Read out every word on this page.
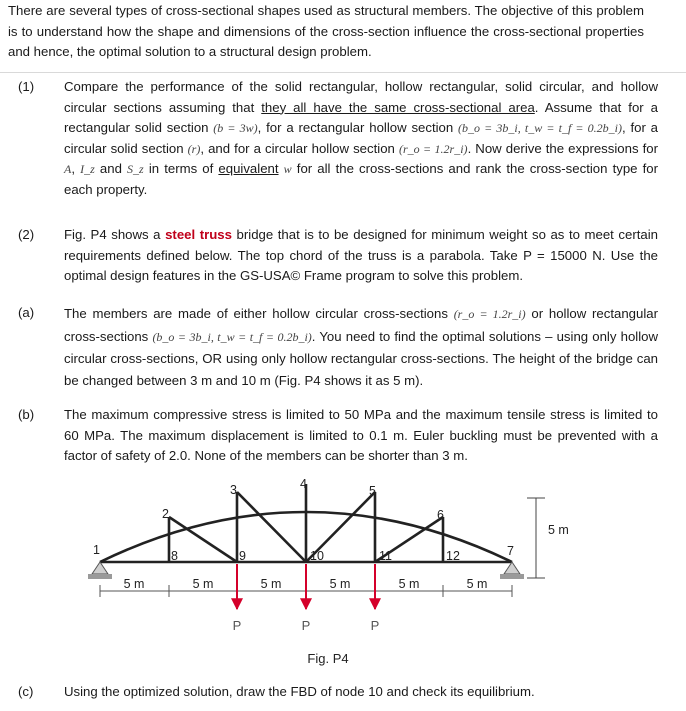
There are several types of cross-sectional shapes used as structural members. The objective of this problem is to understand how the shape and dimensions of the cross-section influence the cross-sectional properties and hence, the optimal solution to a structural design problem.

(1) Compare the performance of the solid rectangular, hollow rectangular, solid circular, and hollow circular sections assuming that they all have the same cross-sectional area. Assume that for a rectangular solid section (b = 3w), for a rectangular hollow section (b_o = 3b_i, t_w = t_f = 0.2b_i), for a circular solid section (r), and for a circular hollow section (r_o = 1.2r_i). Now derive the expressions for A, I_z and S_z in terms of equivalent w for all the cross-sections and rank the cross-section type for each property.

(2) Fig. P4 shows a steel truss bridge that is to be designed for minimum weight so as to meet certain requirements defined below. The top chord of the truss is a parabola. Take P = 15000 N. Use the optimal design features in the GS-USA© Frame program to solve this problem.

(a) The members are made of either hollow circular cross-sections (r_o = 1.2r_i) or hollow rectangular cross-sections (b_o = 3b_i, t_w = t_f = 0.2b_i). You need to find the optimal solutions – using only hollow circular cross-sections, OR using only hollow rectangular cross-sections. The height of the bridge can be changed between 3 m and 10 m (Fig. P4 shows it as 5 m).

(b) The maximum compressive stress is limited to 50 MPa and the maximum tensile stress is limited to 60 MPa. The maximum displacement is limited to 0.1 m. Euler buckling must be prevented with a factor of safety of 2.0. None of the members can be shorter than 3 m.

1
2
3	4	5
6
7
8	9	10	11	12
5 m	5 m	5 m	5 m	5 m	5 m
5 m
P	P	P
Fig. P4
(c) Using the optimized solution, draw the FBD of node 10 and check its equilibrium.
